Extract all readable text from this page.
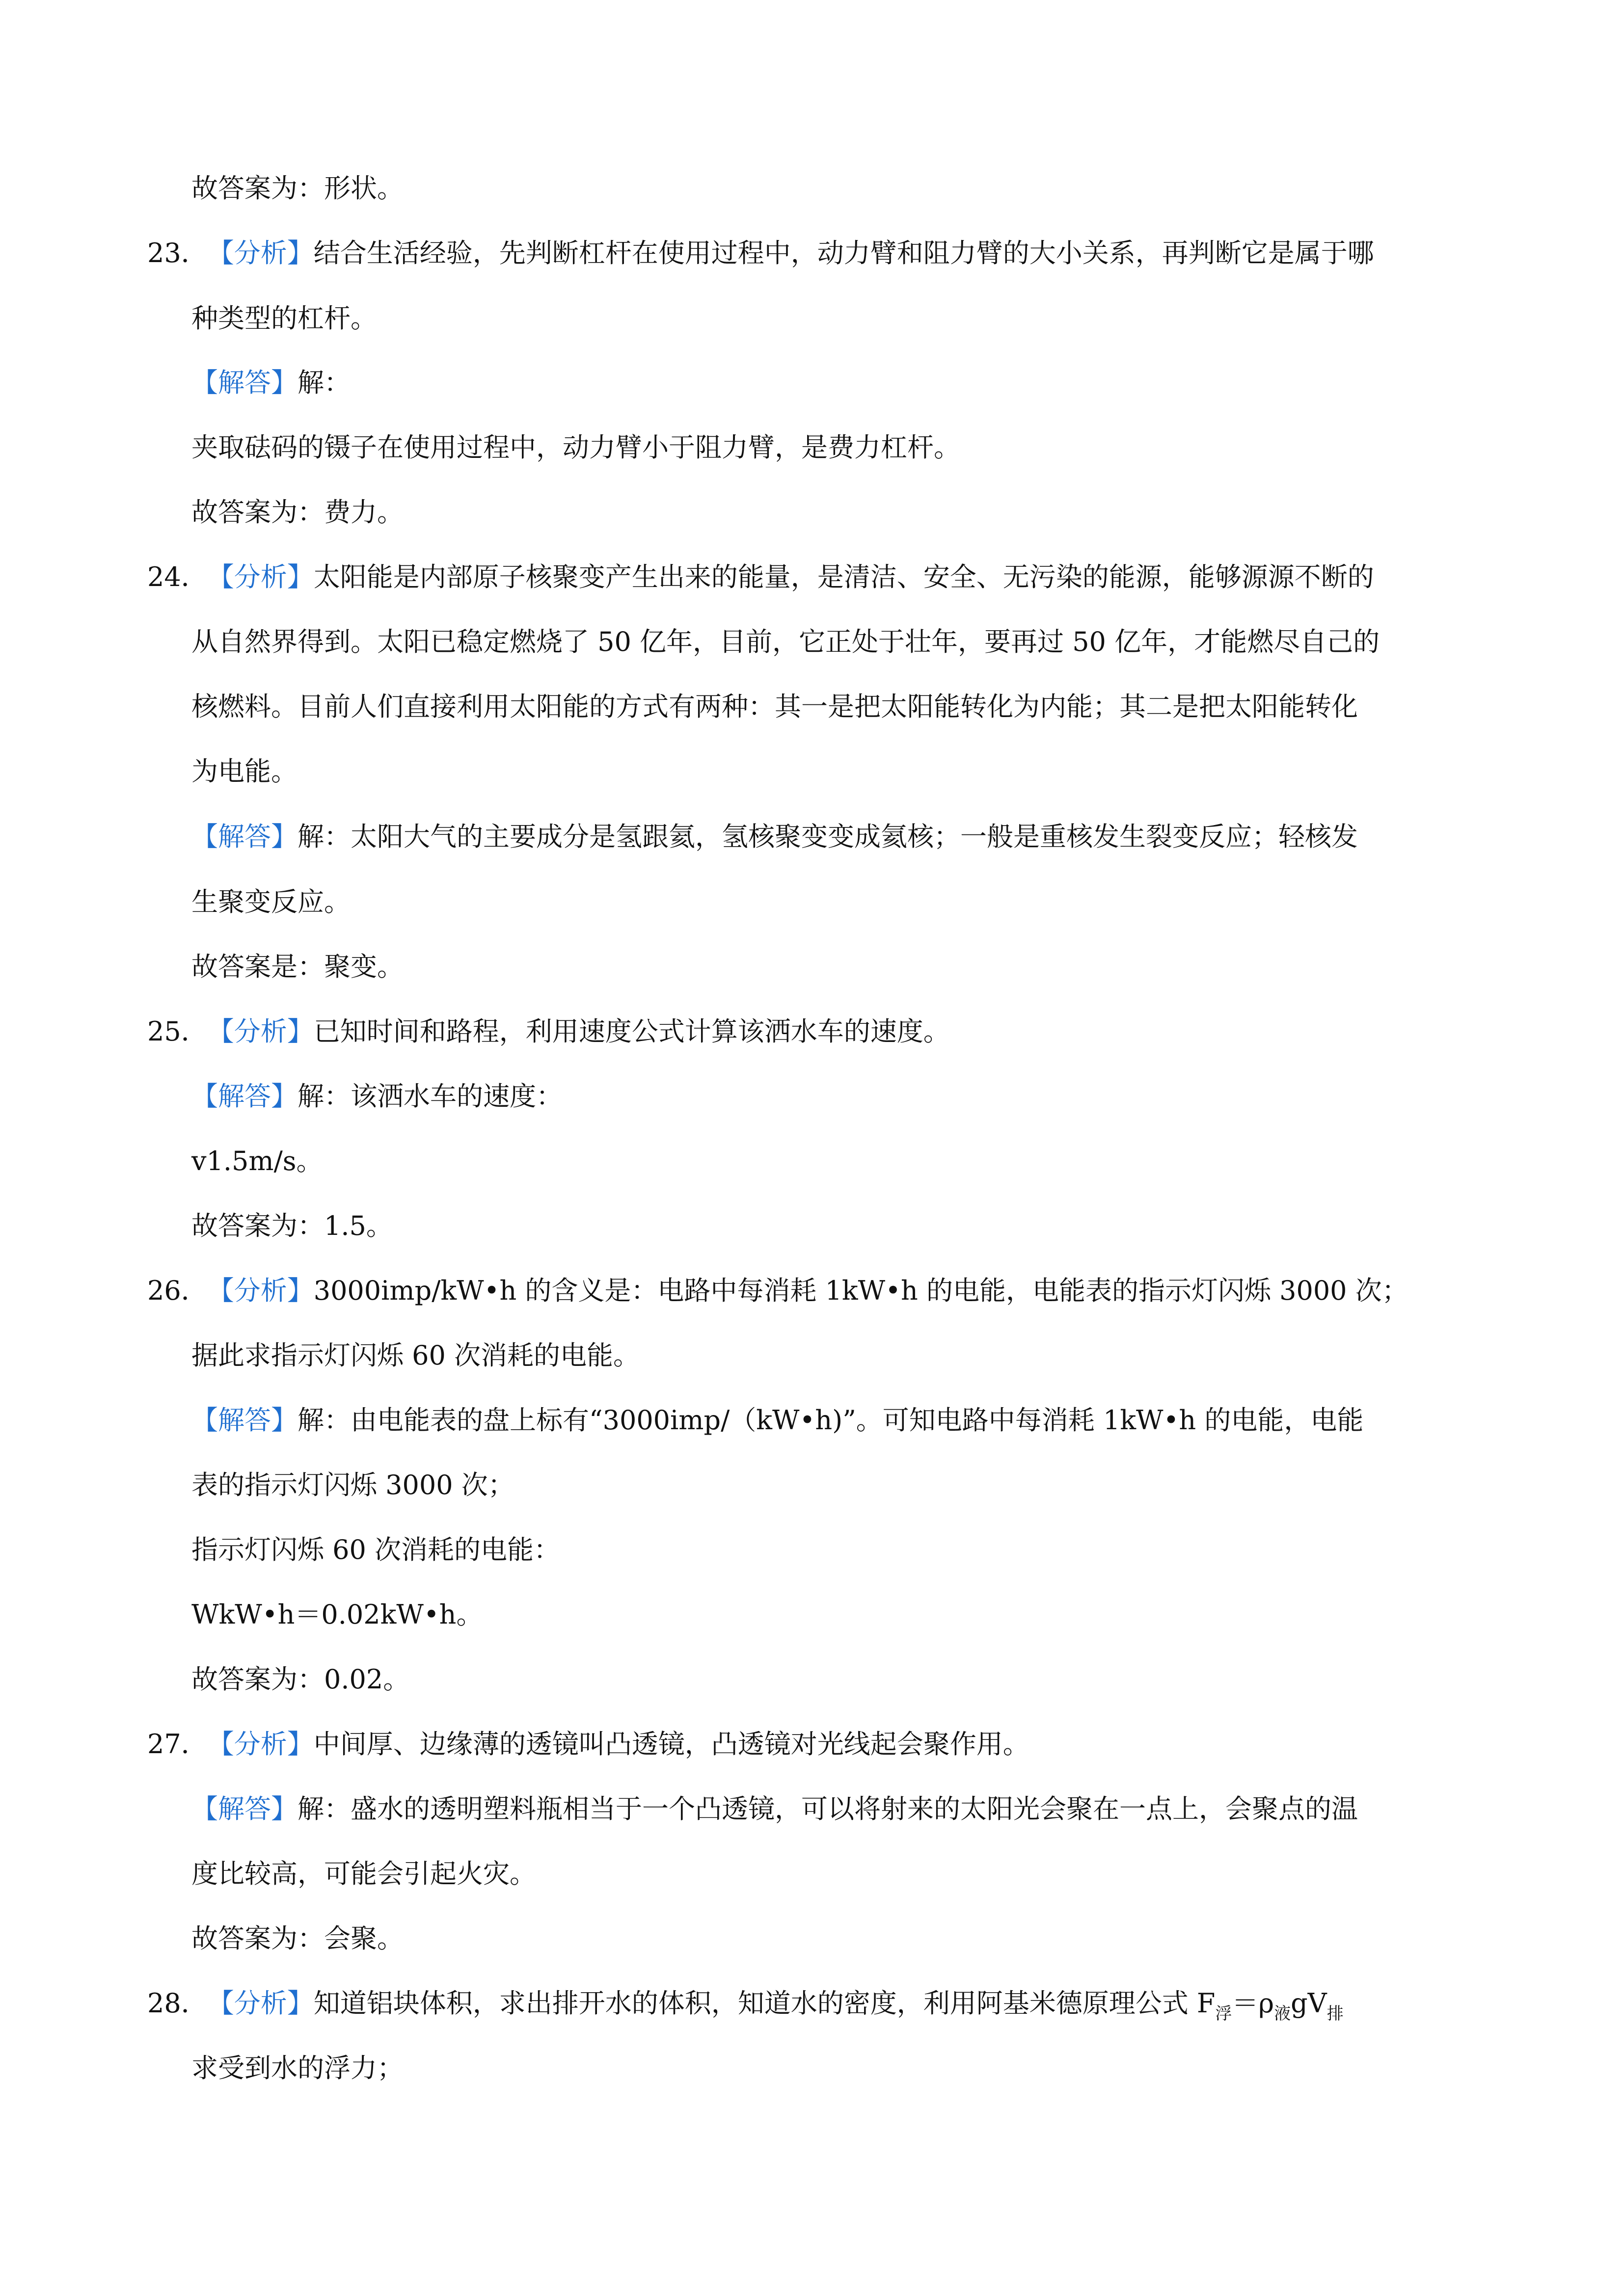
故答案为：形状。
23．【分析】结合生活经验，先判断杠杆在使用过程中，动力臂和阻力臂的大小关系，再判断它是属于哪
种类型的杠杆。
【解答】解：
夹取砝码的镊子在使用过程中，动力臂小于阻力臂，是费力杠杆。
故答案为：费力。
24．【分析】太阳能是内部原子核聚变产生出来的能量，是清洁、安全、无污染的能源，能够源源不断的
从自然界得到。太阳已稳定燃烧了 50 亿年，目前，它正处于壮年，要再过 50 亿年，才能燃尽自己的
核燃料。目前人们直接利用太阳能的方式有两种：其一是把太阳能转化为内能；其二是把太阳能转化
为电能。
【解答】解：太阳大气的主要成分是氢跟氦，氢核聚变变成氦核；一般是重核发生裂变反应；轻核发
生聚变反应。
故答案是：聚变。
25．【分析】已知时间和路程，利用速度公式计算该洒水车的速度。
【解答】解：该洒水车的速度：
v1.5m/s。
故答案为：1.5。
26．【分析】3000imp/kW•h 的含义是：电路中每消耗 1kW•h 的电能，电能表的指示灯闪烁 3000 次；
据此求指示灯闪烁 60 次消耗的电能。
【解答】解：由电能表的盘上标有“3000imp/（kW•h)”。可知电路中每消耗 1kW•h 的电能，电能
表的指示灯闪烁 3000 次；
指示灯闪烁 60 次消耗的电能：
WkW•h＝0.02kW•h。
故答案为：0.02。
27．【分析】中间厚、边缘薄的透镜叫凸透镜，凸透镜对光线起会聚作用。
【解答】解：盛水的透明塑料瓶相当于一个凸透镜，可以将射来的太阳光会聚在一点上，会聚点的温
度比较高，可能会引起火灾。
故答案为：会聚。
28．【分析】知道铝块体积，求出排开水的体积，知道水的密度，利用阿基米德原理公式 $F_浮=\rho_液gV_排$
求受到水的浮力；
